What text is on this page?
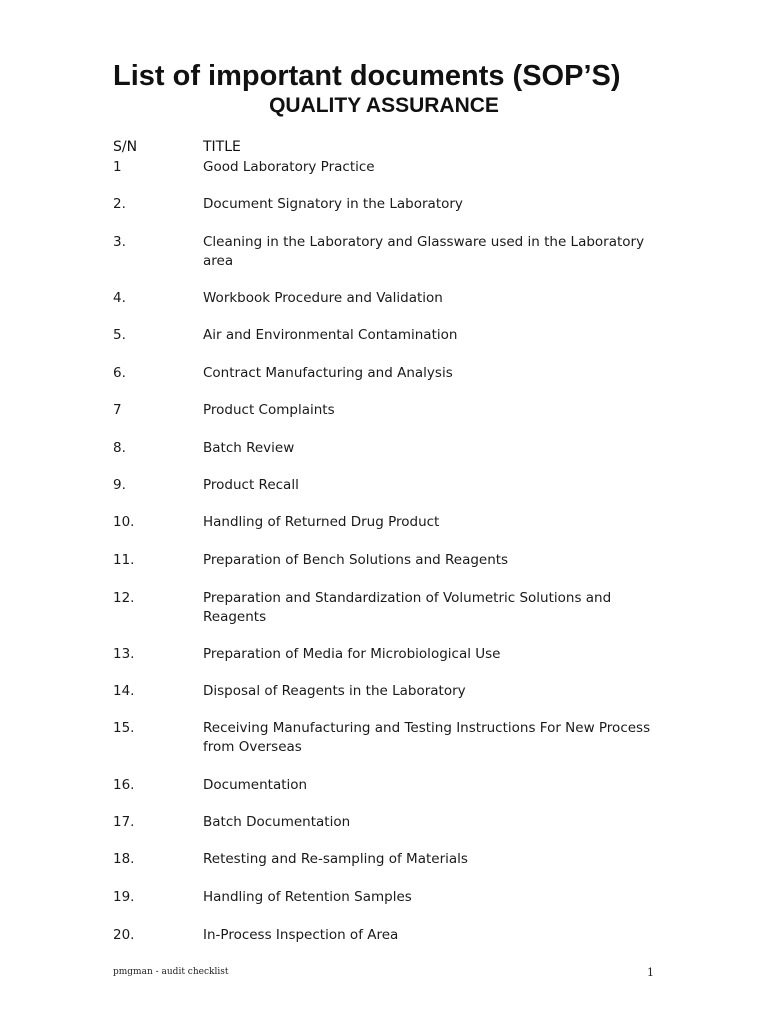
List of important documents (SOP’S)
QUALITY ASSURANCE
S/N	TITLE
1	Good Laboratory Practice
2.	Document Signatory in the Laboratory
3.	Cleaning in the Laboratory and Glassware used in the Laboratory area
4.	Workbook Procedure and Validation
5.	Air and Environmental Contamination
6.	Contract Manufacturing and Analysis
7	Product Complaints
8.	Batch Review
9.	Product Recall
10.	Handling of Returned Drug Product
11.	Preparation of Bench Solutions and Reagents
12.	Preparation and Standardization of Volumetric Solutions and Reagents
13.	Preparation of Media for Microbiological Use
14.	Disposal of Reagents in the Laboratory
15.	Receiving Manufacturing and Testing Instructions For New Process from Overseas
16.	Documentation
17.	Batch Documentation
18.	Retesting and Re-sampling of Materials
19.	Handling of Retention Samples
20.	In-Process Inspection of Area
pmgman - audit checklist	1
